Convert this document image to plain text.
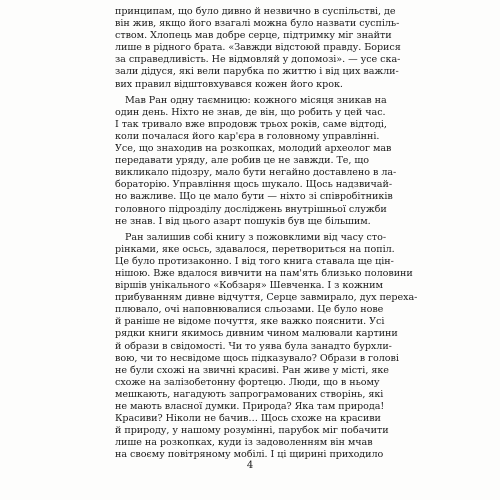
принципам, що було дивно й незвично в суспільстві, де
він жив, якщо його взагалі можна було назвати суспіль-
ством. Хлопець мав добре серце, підтримку міг знайти
лише в рідного брата. «Завжди відстоюй правду. Борися
за справедливість. Не відмовляй у допомозі». — усе ска-
зали дідуся, які вели парубка по життю і від цих важли-
вих правил відштовхувався кожен його крок.
Мав Ран одну таємницю: кожного місяця зникав на
один день. Ніхто не знав, де він, що робить у цей час.
І так тривало вже впродовж трьох років, саме відтоді,
коли почалася його кар'єра в головному управлінні.
Усе, що знаходив на розкопках, молодий археолог мав
передавати уряду, але робив це не завжди. Те, що
викликало підозру, мало бути негайно доставлено в ла-
бораторію. Управління щось шукало. Щось надзвичай-
но важливе. Що це мало бути — ніхто зі співробітників
головного підрозділу досліджень внутрішньої служби
не знав. І від цього азарт пошуків був ще більшим.
Ран залишив собі книгу з пожовклими від часу сто-
рінками, яке осьсь, здавалося, перетвориться на попіл.
Це було протизаконно. І від того книга ставала ще цін-
нішою. Вже вдалося вивчити на пам'ять близько половини
віршів унікального «Кобзаря» Шевченка. І з кожним
прибуванням дивне відчуття, Серце завмирало, дух переха-
плювало, очі наповнювалися сльозами. Це було нове
й раніше не відоме почуття, яке важко пояснити. Усі
рядки книги якимось дивним чином малювали картини
й образи в свідомості. Чи то уява була занадто бурхли-
вою, чи то несвідоме щось підказувало? Образи в голові
не були схожі на звичні красиві. Ран живе у місті, яке
схоже на залізобетонну фортецю. Люди, що в ньому
мешкають, нагадують запрограмованих створінь, які
не мають власної думки. Природа? Яка там природа!
Красиви? Ніколи не бачив… Щось схоже на красиви
й природу, у нашому розумінні, парубок міг побачити
лише на розкопках, куди із задоволенням він мчав
на своєму повітряному мобілі. І ці щирині приходило
4
